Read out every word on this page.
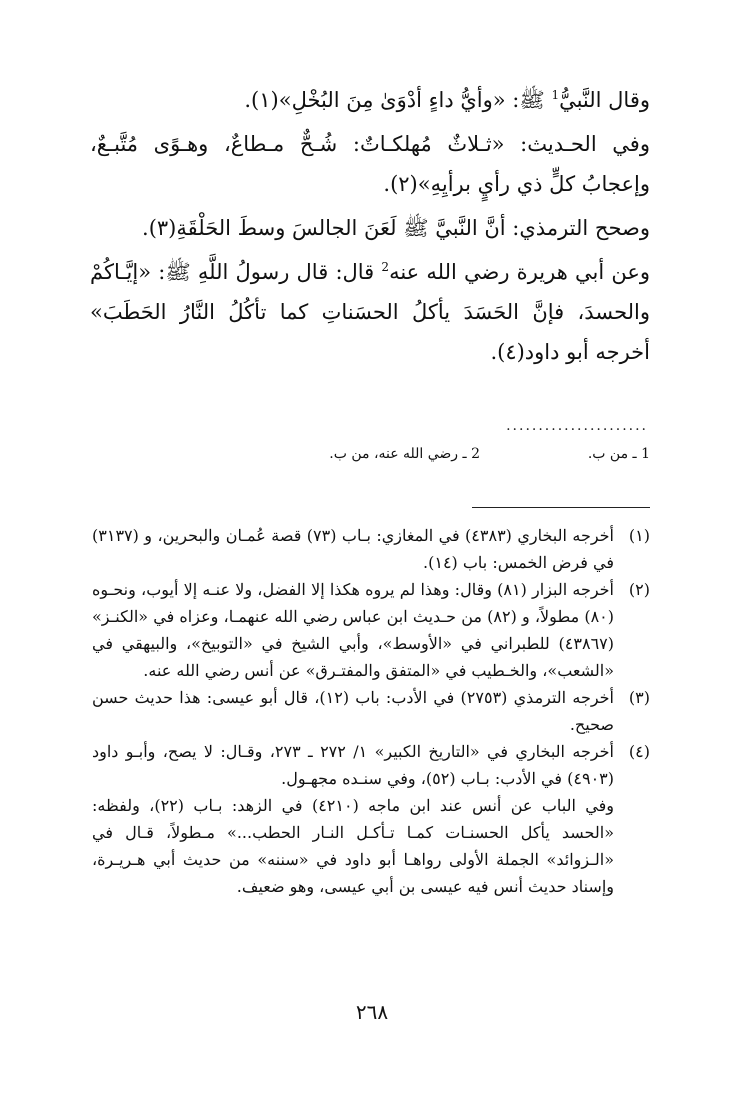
وقال النَّبيُّ$^1$ ﷺ: «وأيُّ داءٍ أدْوَىٰ مِنَ البُخْلِ»(١).

وفي الحـديث: «ثـلاثٌ مُهلكـاتٌ: شُـحٌّ مـطاعٌ، وهـوًى مُتَّبـعٌ، وإعجابُ كلٍّ ذي رأيٍ برأيِهِ»(٢).

وصحح الترمذي: أنَّ النَّبيَّ ﷺ لَعَنَ الجالسَ وسطَ الحَلْقَةِ(٣).

وعن أبي هريرة رضي الله عنه$^2$ قال: قال رسولُ اللَّهِ ﷺ: «إيَّـاكُمْ والحسدَ، فإنَّ الحَسَدَ يأكلُ الحسَناتِ كما تأكُلُ النَّارُ الحَطَبَ» أخرجه أبو داود(٤).

......................
1 ـ من ب.
2 ـ رضي الله عنه، من ب.
(١)

أخرجه البخاري (٤٣٨٣) في المغازي: بـاب (٧٣) قصة عُمـان والبحرين، و (٣١٣٧) في فرض الخمس: باب (١٤).

(٢)

أخرجه البزار (٨١) وقال: وهذا لم يروه هكذا إلا الفضل، ولا عنـه إلا أيوب، ونحـوه (٨٠) مطولاً، و (٨٢) من حـديث ابن عباس رضي الله عنهمـا، وعزاه في «الكنـز» (٤٣٨٦٧) للطبراني في «الأوسط»، وأبي الشيخ في «التوبيخ»، والبيهقي في «الشعب»، والخـطيب في «المتفق والمفتـرق» عن أنس رضي الله عنه.

(٣)

أخرجه الترمذي (٢٧٥٣) في الأدب: باب (١٢)، قال أبو عيسى: هذا حديث حسن صحيح.

(٤)

أخرجه البخاري في «التاريخ الكبير» ١/ ٢٧٢ ـ ٢٧٣، وقـال: لا يصح، وأبـو داود (٤٩٠٣) في الأدب: بـاب (٥٢)، وفي سنـده مجهـول.

وفي الباب عن أنس عند ابن ماجه (٤٢١٠) في الزهد: بـاب (٢٢)، ولفظه: «الحسد يأكل الحسنـات كمـا تـأكـل النـار الحطب...» مـطولاً، قـال في «الـزوائد» الجملة الأولى رواهـا أبو داود في «سننه» من حديث أبي هـريـرة، وإسناد حديث أنس فيه عيسى بن أبي عيسى، وهو ضعيف.

٢٦٨
